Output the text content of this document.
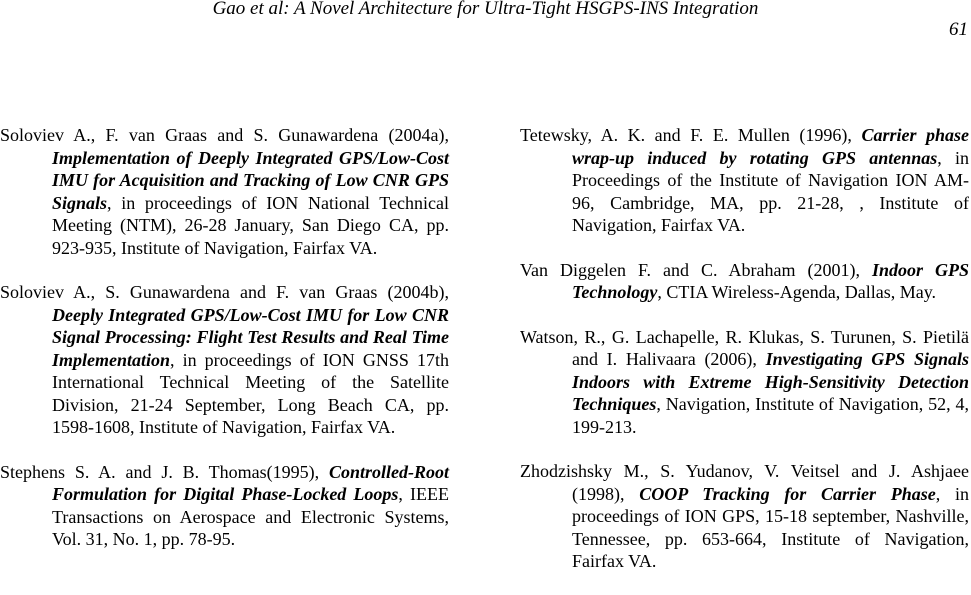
Gao et al: A Novel Architecture for Ultra-Tight HSGPS-INS Integration
61

Soloviev A., F. van Graas and S. Gunawardena (2004a), Implementation of Deeply Integrated GPS/Low-Cost IMU for Acquisition and Tracking of Low CNR GPS Signals, in proceedings of ION National Technical Meeting (NTM), 26-28 January, San Diego CA, pp. 923-935, Institute of Navigation, Fairfax VA.

Soloviev A., S. Gunawardena and F. van Graas (2004b), Deeply Integrated GPS/Low-Cost IMU for Low CNR Signal Processing: Flight Test Results and Real Time Implementation, in proceedings of ION GNSS 17th International Technical Meeting of the Satellite Division, 21-24 September, Long Beach CA, pp. 1598-1608, Institute of Navigation, Fairfax VA.

Stephens S. A. and J. B. Thomas(1995), Controlled-Root Formulation for Digital Phase-Locked Loops, IEEE Transactions on Aerospace and Electronic Systems, Vol. 31, No. 1, pp. 78-95.

Tetewsky, A. K. and F. E. Mullen (1996), Carrier phase wrap-up induced by rotating GPS antennas, in Proceedings of the Institute of Navigation ION AM-96, Cambridge, MA, pp. 21-28, , Institute of Navigation, Fairfax VA.

Van Diggelen F. and C. Abraham (2001), Indoor GPS Technology, CTIA Wireless-Agenda, Dallas, May.

Watson, R., G. Lachapelle, R. Klukas, S. Turunen, S. Pietilä and I. Halivaara (2006), Investigating GPS Signals Indoors with Extreme High-Sensitivity Detection Techniques, Navigation, Institute of Navigation, 52, 4, 199-213.

Zhodzishsky M., S. Yudanov, V. Veitsel and J. Ashjaee (1998), COOP Tracking for Carrier Phase, in proceedings of ION GPS, 15-18 september, Nashville, Tennessee, pp. 653-664, Institute of Navigation, Fairfax VA.
